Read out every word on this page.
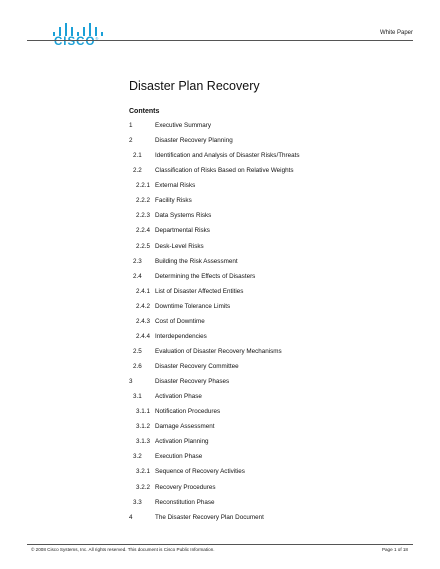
CISCO®
White Paper
Disaster Plan Recovery
Contents
1	Executive Summary
2	Disaster Recovery Planning
2.1 Identification and Analysis of Disaster Risks/Threats
2.2 Classification of Risks Based on Relative Weights
2.2.1 External Risks
2.2.2 Facility Risks
2.2.3 Data Systems Risks
2.2.4 Departmental Risks
2.2.5 Desk-Level Risks
2.3 Building the Risk Assessment
2.4 Determining the Effects of Disasters
2.4.1 List of Disaster Affected Entities
2.4.2 Downtime Tolerance Limits
2.4.3 Cost of Downtime
2.4.4 Interdependencies
2.5 Evaluation of Disaster Recovery Mechanisms
2.6 Disaster Recovery Committee
3	Disaster Recovery Phases
3.1 Activation Phase
3.1.1 Notification Procedures
3.1.2 Damage Assessment
3.1.3 Activation Planning
3.2 Execution Phase
3.2.1 Sequence of Recovery Activities
3.2.2 Recovery Procedures
3.3 Reconstitution Phase
4	The Disaster Recovery Plan Document
© 2008 Cisco Systems, Inc. All rights reserved. This document is Cisco Public Information.	Page 1 of 18
